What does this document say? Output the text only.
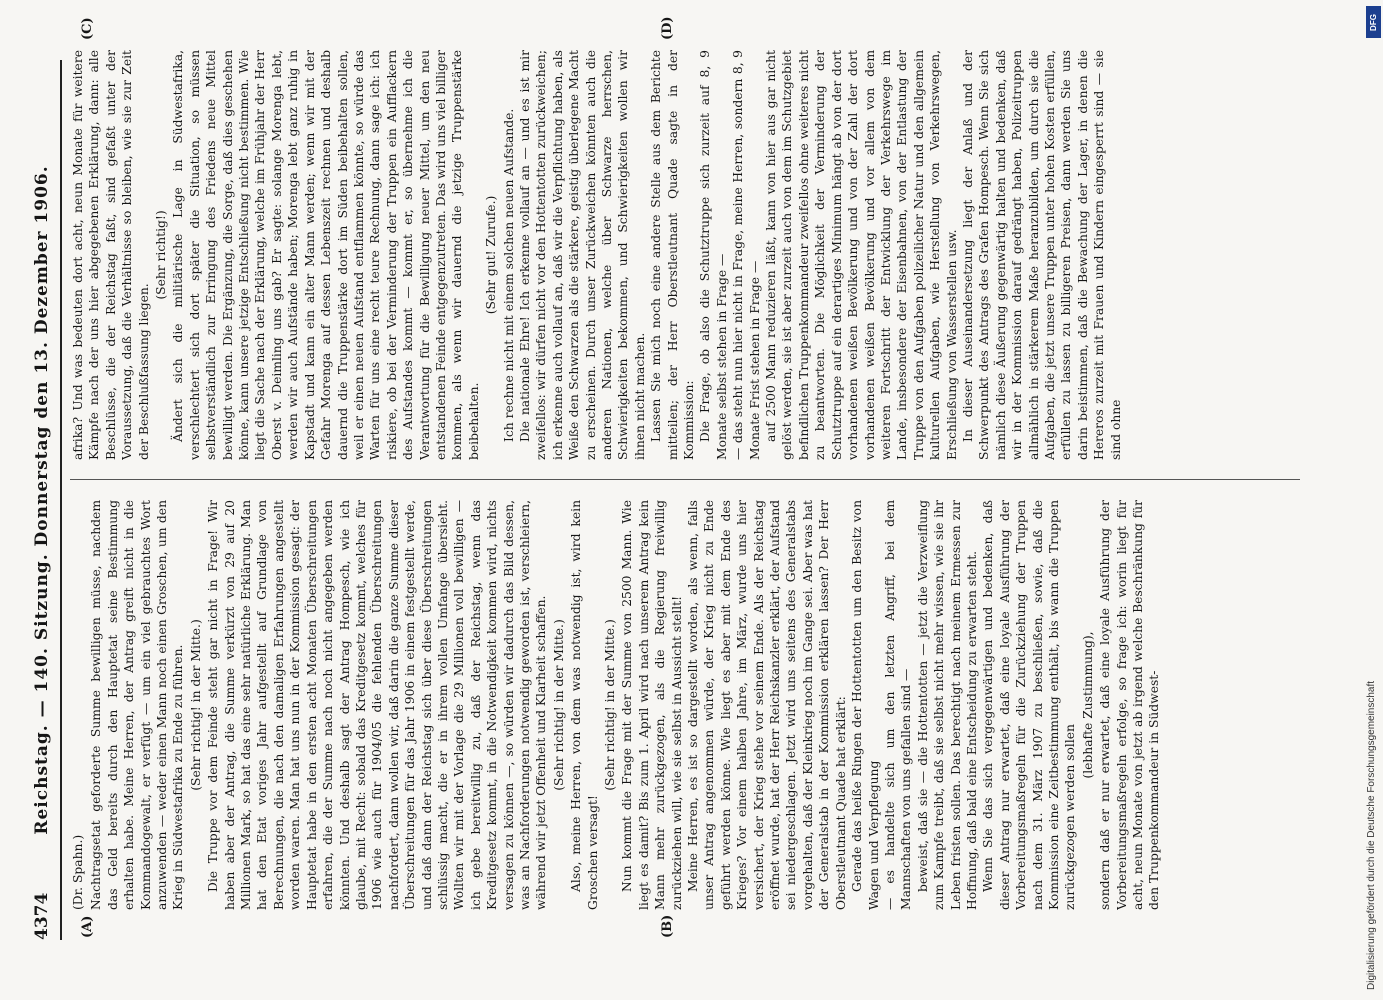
4374
Reichstag. — 140. Sitzung. Donnerstag den 13. Dezember 1906.
(A)	(B)
(C)	(D)

(Dr. Spahn.) Nachtragsetat geforderte Summe bewilligen müsse, nachdem das Geld bereits durch den Hauptetat seine Bestimmung erhalten habe. Meine Herren, der Antrag greift nicht in die Kommandogewalt, er verfügt — um ein viel gebrauchtes Wort anzuwenden — weder einen Mann noch einen Groschen, um den Krieg in Südwestafrika zu Ende zu führen. (Sehr richtig! in der Mitte.) Die Truppe vor dem Feinde steht gar nicht in Frage! Wir haben aber der Antrag, die Summe verkürzt von 29 auf 20 Millionen Mark, so hat das eine sehr natürliche Erklärung. Man hat den Etat voriges Jahr aufgestellt auf Grundlage von Berechnungen, die nach den damaligen Erfahrungen angestellt worden waren. Man hat uns nun in der Kommission gesagt: der Hauptetat habe in den ersten acht Monaten Überschreitungen erfahren, die der Summe nach noch nicht angegeben werden könnten. Und deshalb sagt der Antrag Hompesch, wie ich glaube, mit Recht: sobald das Kreditgesetz kommt, welches für 1906 wie auch für 1904/05 die fehlenden Überschreitungen nachfordert, dann wollen wir, daß darin die ganze Summe dieser Überschreitungen für das Jahr 1906 in einem festgestellt werde, und daß dann der Reichstag sich über diese Überschreitungen schlüssig macht, die er in ihrem vollen Umfange übersieht. Wollten wir mit der Vorlage die 29 Millionen voll bewilligen — ich gebe bereitwillig zu, daß der Reichstag, wenn das Kreditgesetz kommt, in die Notwendigkeit kommen wird, nichts versagen zu können —, so würden wir dadurch das Bild dessen, was an Nachforderungen notwendig geworden ist, verschleiern, während wir jetzt Offenheit und Klarheit schaffen. (Sehr richtig! in der Mitte.) Also, meine Herren, von dem was notwendig ist, wird kein Groschen versagt!

(Sehr richtig! in der Mitte.) Nun kommt die Frage mit der Summe von 2500 Mann. Wie liegt es damit? Bis zum 1. April wird nach unserem Antrag kein Mann mehr zurückgezogen, als die Regierung freiwillig zurückziehen will, wie sie selbst in Aussicht stellt! Meine Herren, es ist so dargestellt worden, als wenn, falls unser Antrag angenommen würde, der Krieg nicht zu Ende geführt werden könne. Wie liegt es aber mit dem Ende des Krieges? Vor einem halben Jahre, im März, wurde uns hier versichert, der Krieg stehe vor seinem Ende. Als der Reichstag eröffnet wurde, hat der Herr Reichskanzler erklärt, der Aufstand sei niedergeschlagen. Jetzt wird uns seitens des Generalstabs vorgehalten, daß der Kleinkrieg noch im Gange sei. Aber was hat der Generalstab in der Kommission erklären lassen? Der Herr Oberstleutnant Quade hat erklärt: Gerade das heiße Ringen der Hottentotten um den Besitz von Wagen und Verpflegung — es handelte sich um den letzten Angriff, bei dem Mannschaften von uns gefallen sind — beweist, daß sie — die Hottentotten — jetzt die Verzweiflung zum Kampfe treibt, daß sie selbst nicht mehr wissen, wie sie ihr Leben fristen sollen. Das berechtigt nach meinem Ermessen zur Hoffnung, daß bald eine Entscheidung zu erwarten steht. Wenn Sie das sich vergegenwärtigen und bedenken, daß dieser Antrag nur erwartet, daß eine loyale Ausführung der Vorbereitungsmaßregeln für die Zurückziehung der Truppen nach dem 31. März 1907 zu beschließen, sowie, daß die Kommission eine Zeitbestimmung enthält, bis wann die Truppen zurückgezogen werden sollen

(lebhafte Zustimmung), sondern daß er nur erwartet, daß eine loyale Ausführung der Vorbereitungsmaßregeln erfolge, so frage ich: worin liegt für acht, neun Monate von jetzt ab irgend welche Beschränkung für den Truppenkommandeur in Südwest-

afrika? Und was bedeuten dort acht, neun Monate für weitere Kämpfe nach der uns hier abgegebenen Erklärung, dann: alle Beschlüsse, die der Reichstag faßt, sind gefaßt unter der Voraussetzung, daß die Verhältnisse so bleiben, wie sie zur Zeit der Beschlußfassung liegen.

(Sehr richtig!) Ändert sich die militärische Lage in Südwestafrika, verschlechtert sich dort später die Situation, so müssen selbstverständlich zur Erringung des Friedens neue Mittel bewilligt werden. Die Ergänzung, die Sorge, daß dies geschehen könne, kann unsere jetzige Entschließung nicht bestimmen. Wie liegt die Sache nach der Erklärung, welche im Frühjahr der Herr Oberst v. Deimling uns gab? Er sagte: solange Morenga lebt, werden wir auch Aufstände haben; Morenga lebt ganz ruhig in Kapstadt und kann ein alter Mann werden; wenn wir mit der Gefahr Morenga auf dessen Lebenszeit rechnen und deshalb dauernd die Truppenstärke dort im Süden beibehalten sollen, weil er einen neuen Aufstand entflammen könnte, so würde das Warten für uns eine recht teure Rechnung, dann sage ich: ich riskiere, ob bei der Verminderung der Truppen ein Aufflackern des Aufstandes kommt — kommt er, so übernehme ich die Verantwortung für die Bewilligung neuer Mittel, um den neu entstandenen Feinde entgegenzutreten. Das wird uns viel billiger kommen, als wenn wir dauernd die jetzige Truppenstärke beibehalten.

(Sehr gut! Zurufe.) Ich rechne nicht mit einem solchen neuen Aufstande. Die nationale Ehre! Ich erkenne vollauf an — und es ist mir zweifellos: wir dürfen nicht vor den Hottentotten zurückweichen; ich erkenne auch vollauf an, daß wir die Verpflichtung haben, als Weiße den Schwarzen als die stärkere, geistig überlegene Macht zu erscheinen. Durch unser Zurückweichen könnten auch die anderen Nationen, welche über Schwarze herrschen, Schwierigkeiten bekommen, und Schwierigkeiten wollen wir ihnen nicht machen. Lassen Sie mich noch eine andere Stelle aus dem Berichte mitteilen; der Herr Oberstleutnant Quade sagte in der Kommission: Die Frage, ob also die Schutztruppe sich zurzeit auf 8, 9 Monate selbst stehen in Frage — — das steht nun hier nicht in Frage, meine Herren, sondern 8, 9 Monate Frist stehen in Frage — auf 2500 Mann reduzieren läßt, kann von hier aus gar nicht gelöst werden, sie ist aber zurzeit auch von dem im Schutzgebiet befindlichen Truppenkommandeur zweifellos ohne weiteres nicht zu beantworten. Die Möglichkeit der Verminderung der Schutztruppe auf ein derartiges Minimum hängt ab von der dort vorhandenen weißen Bevölkerung und von der Zahl der dort vorhandenen weißen Bevölkerung und vor allem von dem weiteren Fortschritt der Entwicklung der Verkehrswege im Lande, insbesondere der Eisenbahnen, von der Entlastung der Truppe von den Aufgaben polizeilicher Natur und den allgemein kulturellen Aufgaben, wie Herstellung von Verkehrswegen, Erschließung von Wasserstellen usw. In dieser Auseinandersetzung liegt der Anlaß und der Schwerpunkt des Antrags des Grafen Hompesch. Wenn Sie sich nämlich diese Äußerung gegenwärtig halten und bedenken, daß wir in der Kommission darauf gedrängt haben, Polizeitruppen allmählich in stärkerem Maße heranzubilden, um durch sie die Aufgaben, die jetzt unsere Truppen unter hohen Kosten erfüllen, erfüllen zu lassen zu billigeren Preisen, dann werden Sie uns darin beistimmen, daß die Bewachung der Lager, in denen die Hereros zurzeit mit Frauen und Kindern eingesperrt sind — sie sind ohne

DFG
Digitalisierung gefördert durch die Deutsche Forschungsgemeinschaft
